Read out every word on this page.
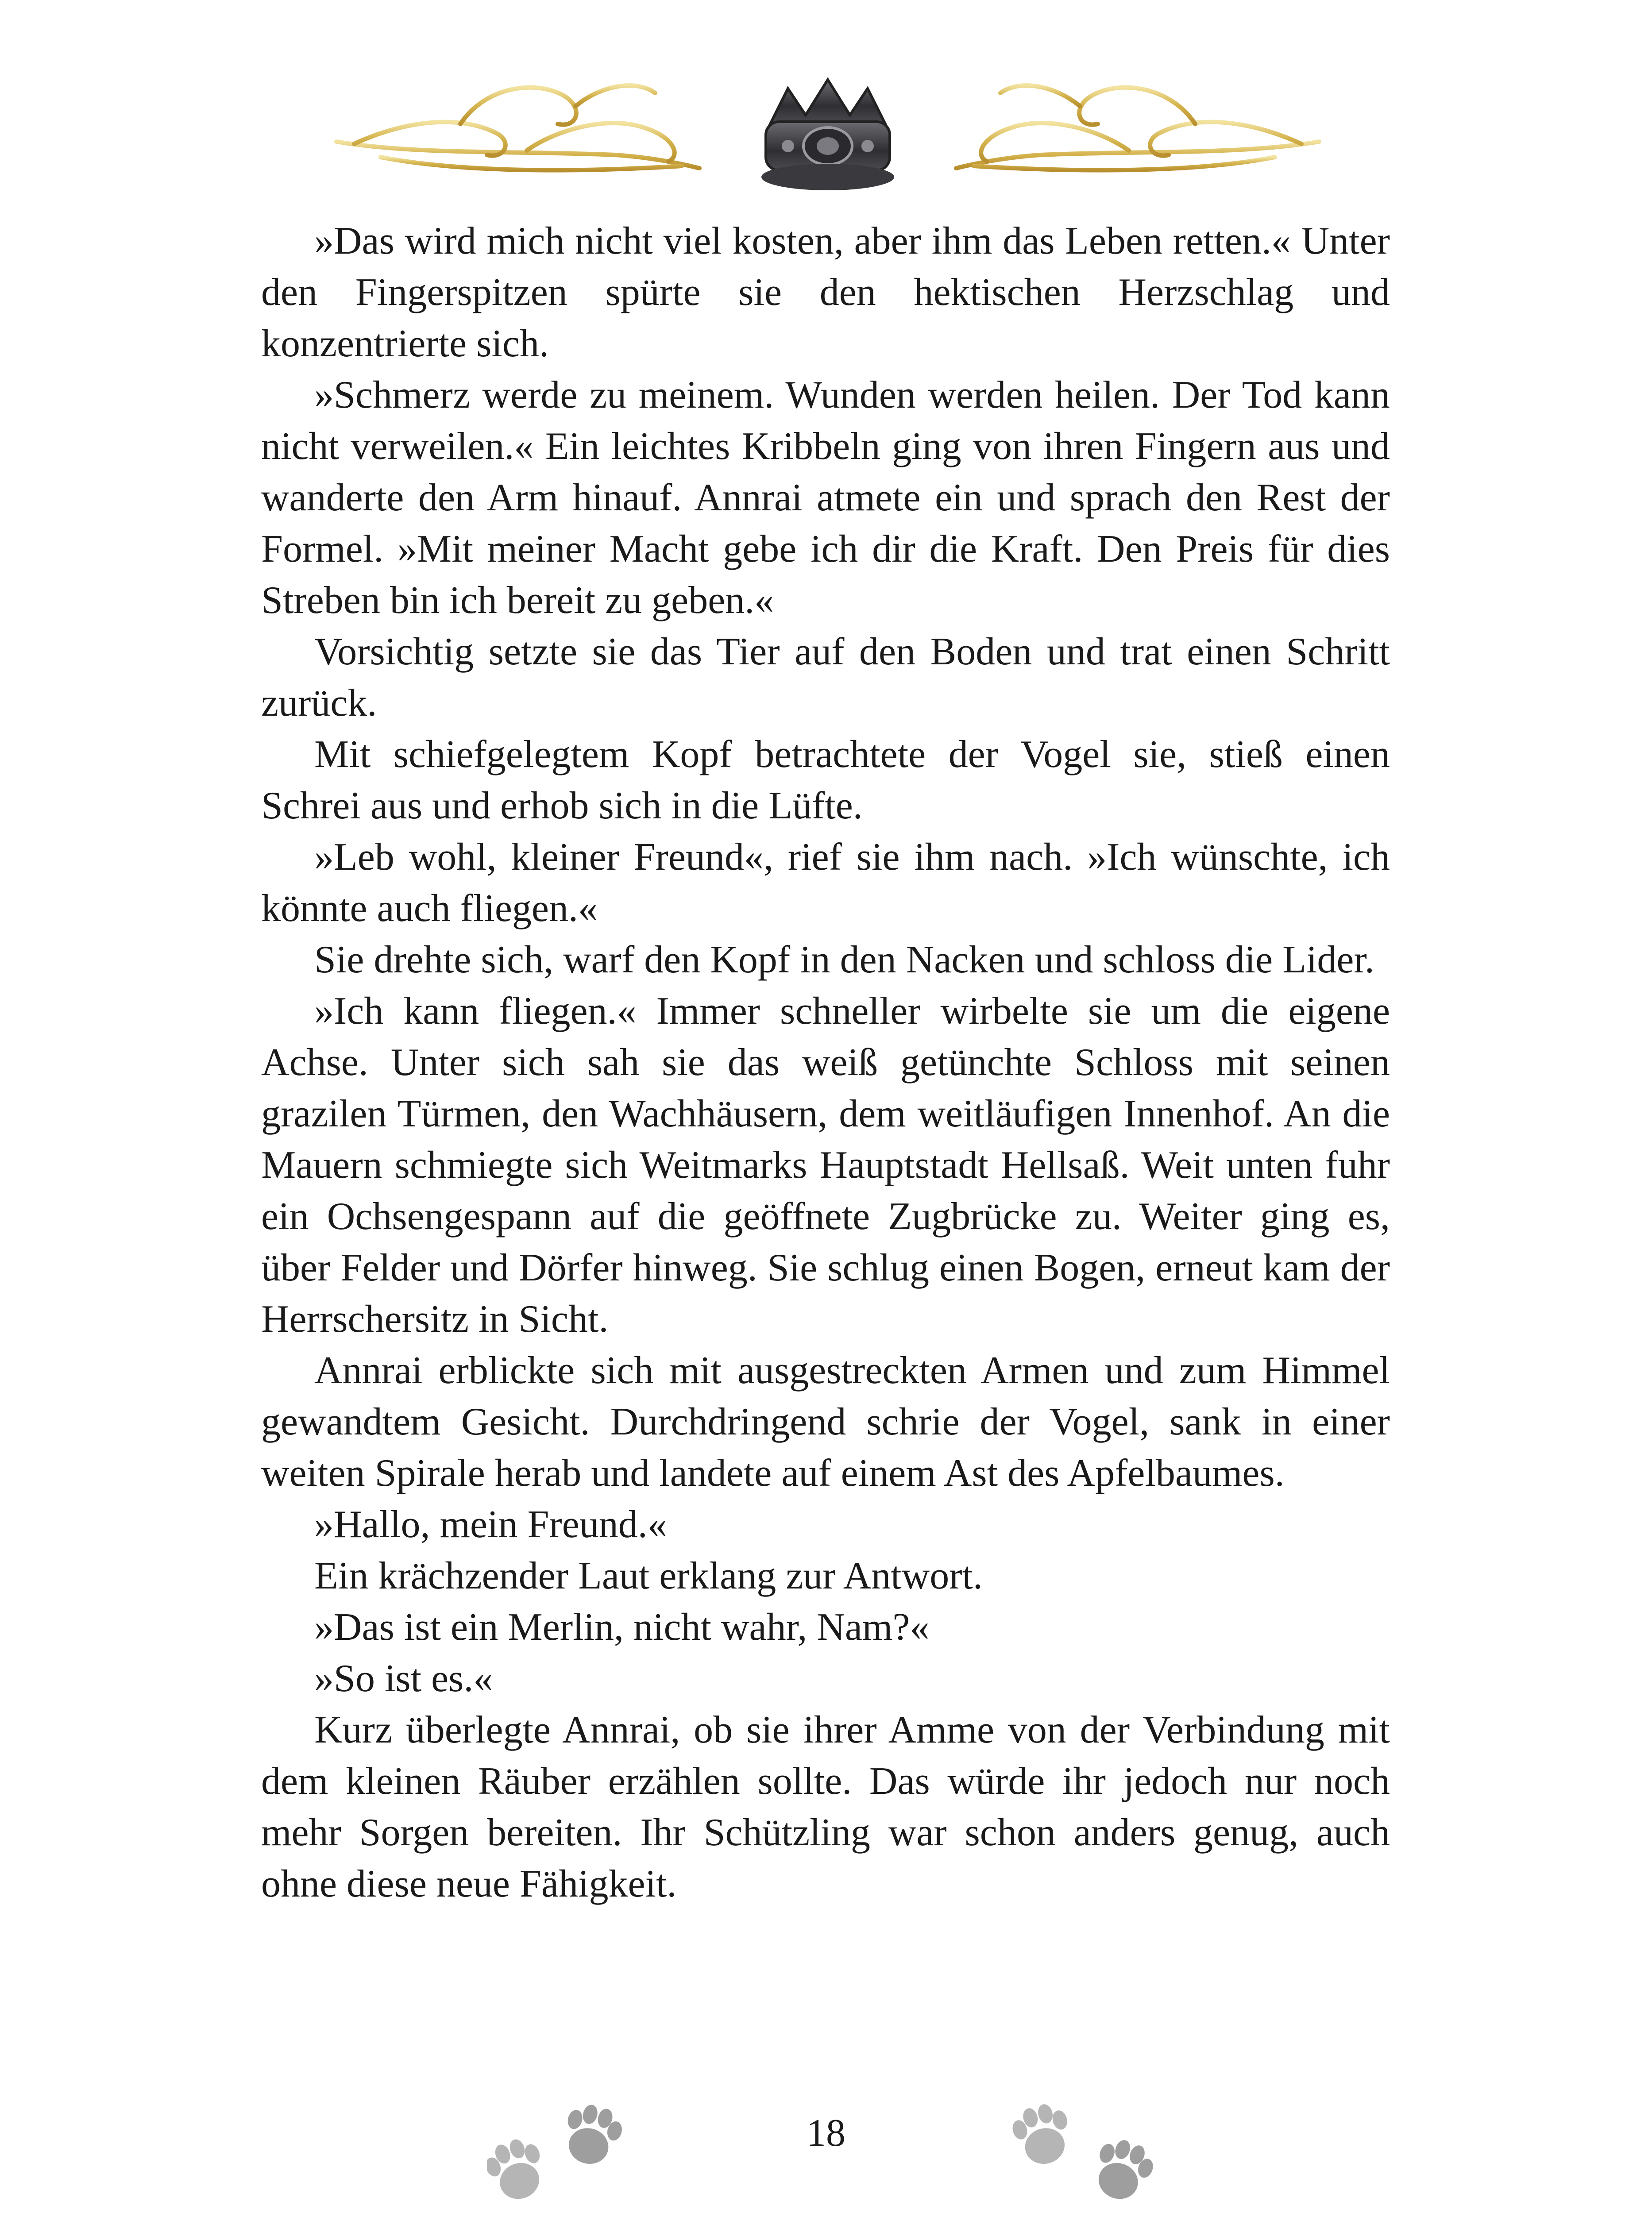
»Das wird mich nicht viel kosten, aber ihm das Leben retten.« Unter den Fingerspitzen spürte sie den hektischen Herzschlag und konzentrierte sich.

»Schmerz werde zu meinem. Wunden werden heilen. Der Tod kann nicht verweilen.« Ein leichtes Kribbeln ging von ihren Fingern aus und wanderte den Arm hinauf. Annrai atmete ein und sprach den Rest der Formel. »Mit meiner Macht gebe ich dir die Kraft. Den Preis für dies Streben bin ich bereit zu geben.«

Vorsichtig setzte sie das Tier auf den Boden und trat einen Schritt zurück.

Mit schiefgelegtem Kopf betrachtete der Vogel sie, stieß einen Schrei aus und erhob sich in die Lüfte.

»Leb wohl, kleiner Freund«, rief sie ihm nach. »Ich wünschte, ich könnte auch fliegen.«

Sie drehte sich, warf den Kopf in den Nacken und schloss die Lider.

»Ich kann fliegen.« Immer schneller wirbelte sie um die eigene Achse. Unter sich sah sie das weiß getünchte Schloss mit seinen grazilen Türmen, den Wachhäusern, dem weitläufigen Innenhof. An die Mauern schmiegte sich Weitmarks Hauptstadt Hellsaß. Weit unten fuhr ein Ochsengespann auf die geöffnete Zugbrücke zu. Weiter ging es, über Felder und Dörfer hinweg. Sie schlug einen Bogen, erneut kam der Herrschersitz in Sicht.

Annrai erblickte sich mit ausgestreckten Armen und zum Himmel gewandtem Gesicht. Durchdringend schrie der Vogel, sank in einer weiten Spirale herab und landete auf einem Ast des Apfelbaumes.

»Hallo, mein Freund.«

Ein krächzender Laut erklang zur Antwort.

»Das ist ein Merlin, nicht wahr, Nam?«

»So ist es.«

Kurz überlegte Annrai, ob sie ihrer Amme von der Verbindung mit dem kleinen Räuber erzählen sollte. Das würde ihr jedoch nur noch mehr Sorgen bereiten. Ihr Schützling war schon anders genug, auch ohne diese neue Fähigkeit.

18
